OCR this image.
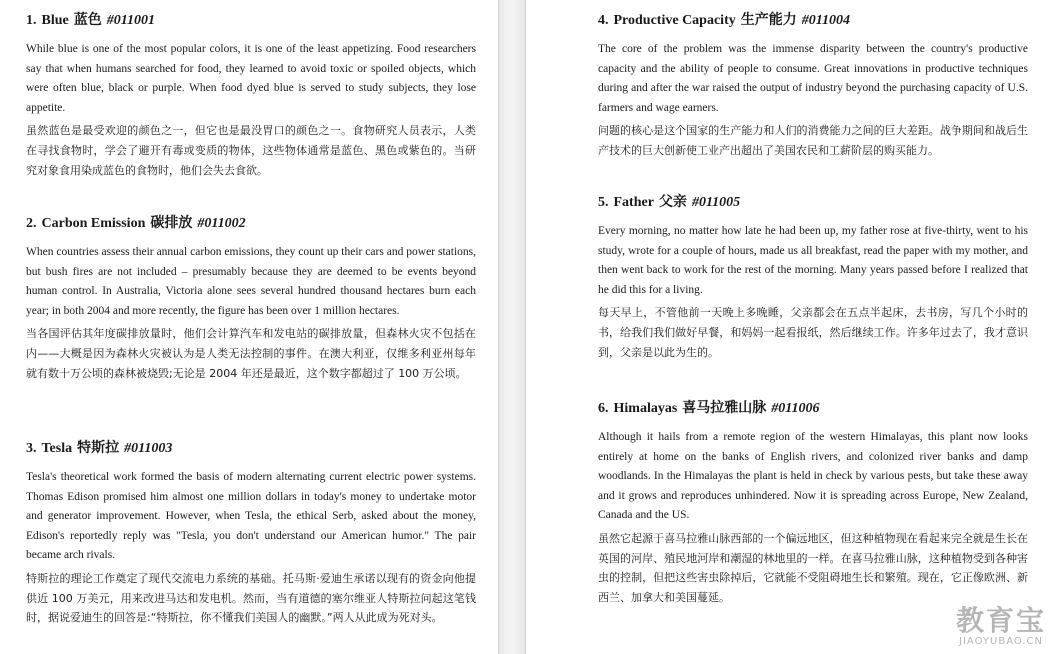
1. Blue 蓝色 #011001

While blue is one of the most popular colors, it is one of the least appetizing. Food researchers say that when humans searched for food, they learned to avoid toxic or spoiled objects, which were often blue, black or purple. When food dyed blue is served to study subjects, they lose appetite.

虽然蓝色是最受欢迎的颜色之一，但它也是最没胃口的颜色之一。食物研究人员表示，人类在寻找食物时，学会了避开有毒或变质的物体，这些物体通常是蓝色、黑色或紫色的。当研究对象食用染成蓝色的食物时，他们会失去食欲。

2. Carbon Emission 碳排放 #011002

When countries assess their annual carbon emissions, they count up their cars and power stations, but bush fires are not included – presumably because they are deemed to be events beyond human control. In Australia, Victoria alone sees several hundred thousand hectares burn each year; in both 2004 and more recently, the figure has been over 1 million hectares.

当各国评估其年度碳排放量时，他们会计算汽车和发电站的碳排放量，但森林火灾不包括在内——大概是因为森林火灾被认为是人类无法控制的事件。在澳大利亚，仅维多利亚州每年就有数十万公顷的森林被烧毁;无论是 2004 年还是最近，这个数字都超过了 100 万公顷。

3. Tesla 特斯拉 #011003

Tesla's theoretical work formed the basis of modern alternating current electric power systems. Thomas Edison promised him almost one million dollars in today's money to undertake motor and generator improvement. However, when Tesla, the ethical Serb, asked about the money, Edison's reportedly reply was "Tesla, you don't understand our American humor." The pair became arch rivals.

特斯拉的理论工作奠定了现代交流电力系统的基础。托马斯·爱迪生承诺以现有的资金向他提供近 100 万美元，用来改进马达和发电机。然而，当有道德的塞尔维亚人特斯拉问起这笔钱时，据说爱迪生的回答是:“特斯拉，你不懂我们美国人的幽默。”两人从此成为死对头。

4. Productive Capacity 生产能力 #011004

The core of the problem was the immense disparity between the country's productive capacity and the ability of people to consume. Great innovations in productive techniques during and after the war raised the output of industry beyond the purchasing capacity of U.S. farmers and wage earners.

问题的核心是这个国家的生产能力和人们的消费能力之间的巨大差距。战争期间和战后生产技术的巨大创新使工业产出超出了美国农民和工薪阶层的购买能力。

5. Father 父亲 #011005

Every morning, no matter how late he had been up, my father rose at five-thirty, went to his study, wrote for a couple of hours, made us all breakfast, read the paper with my mother, and then went back to work for the rest of the morning. Many years passed before I realized that he did this for a living.

每天早上，不管他前一天晚上多晚睡，父亲都会在五点半起床，去书房，写几个小时的书，给我们我们做好早餐，和妈妈一起看报纸，然后继续工作。许多年过去了，我才意识到，父亲是以此为生的。

6. Himalayas 喜马拉雅山脉 #011006

Although it hails from a remote region of the western Himalayas, this plant now looks entirely at home on the banks of English rivers, and colonized river banks and damp woodlands. In the Himalayas the plant is held in check by various pests, but take these away and it grows and reproduces unhindered. Now it is spreading across Europe, New Zealand, Canada and the US.

虽然它起源于喜马拉雅山脉西部的一个偏远地区，但这种植物现在看起来完全就是生长在英国的河岸、殖民地河岸和潮湿的林地里的一样。在喜马拉雅山脉，这种植物受到各种害虫的控制，但把这些害虫除掉后，它就能不受阻碍地生长和繁殖。现在，它正像欧洲、新西兰、加拿大和美国蔓延。

教育宝
JIAOYUBAO.CN
